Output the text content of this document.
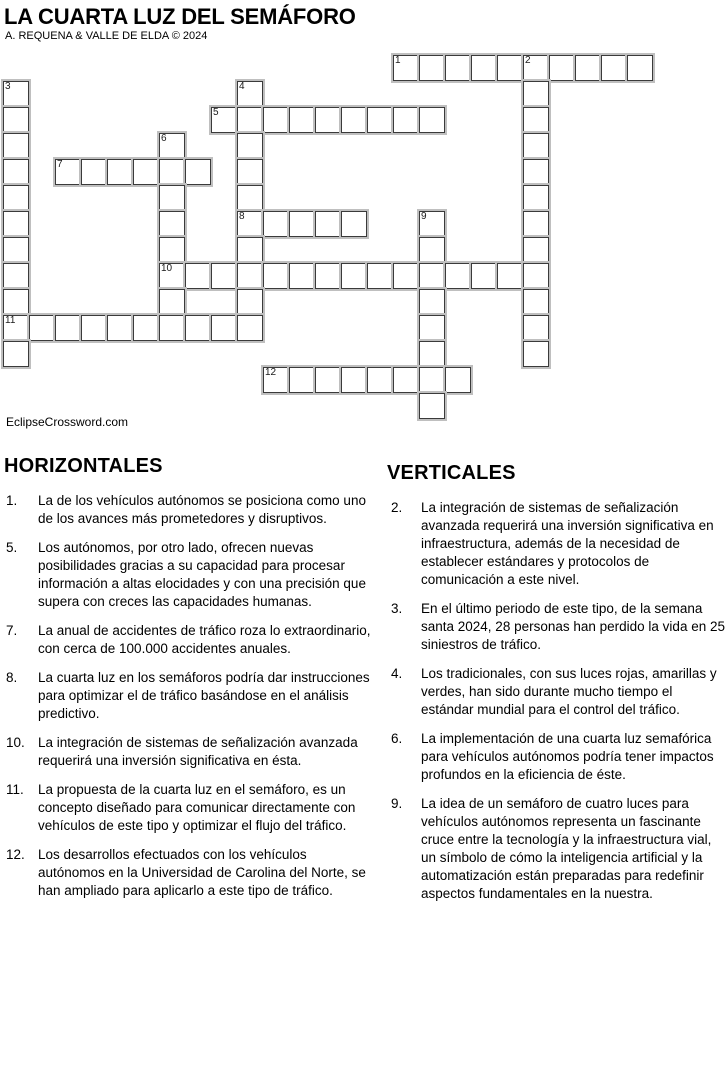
LA CUARTA LUZ DEL SEMÁFORO
A. REQUENA & VALLE DE ELDA © 2024
1	2
3	4
5
6
7
8	9
10
11
12
EclipseCrossword.com
HORIZONTALES
1.	La de los vehículos autónomos se posiciona como uno de los avances más prometedores y disruptivos.
5.	Los autónomos, por otro lado, ofrecen nuevas posibilidades gracias a su capacidad para procesar información a altas elocidades y con una precisión que supera con creces las capacidades humanas.
7.	La anual de accidentes de tráfico roza lo extraordinario, con cerca de 100.000 accidentes anuales.
8.	La cuarta luz en los semáforos podría dar instrucciones para optimizar el de tráfico basándose en el análisis predictivo.
10. La integración de sistemas de señalización avanzada requerirá una inversión significativa en ésta.
11.	La propuesta de la cuarta luz en el semáforo, es un concepto diseñado para comunicar directamente con vehículos de este tipo y optimizar el flujo del tráfico.
12. Los desarrollos efectuados con los vehículos autónomos en la Universidad de Carolina del Norte, se han ampliado para aplicarlo a este tipo de tráfico.
VERTICALES
2.	La integración de sistemas de señalización avanzada requerirá una inversión significativa en infraestructura, además de la necesidad de establecer estándares y protocolos de comunicación a este nivel.
3.	En el último periodo de este tipo, de la semana santa 2024, 28 personas han perdido la vida en 25 siniestros de tráfico.
4.	Los tradicionales, con sus luces rojas, amarillas y verdes, han sido durante mucho tiempo el estándar mundial para el control del tráfico.
6.	La implementación de una cuarta luz semafórica para vehículos autónomos podría tener impactos profundos en la eficiencia de éste.
9.	La idea de un semáforo de cuatro luces para vehículos autónomos representa un fascinante cruce entre la tecnología y la infraestructura vial, un símbolo de cómo la inteligencia artificial y la automatización están preparadas para redefinir aspectos fundamentales en la nuestra.
